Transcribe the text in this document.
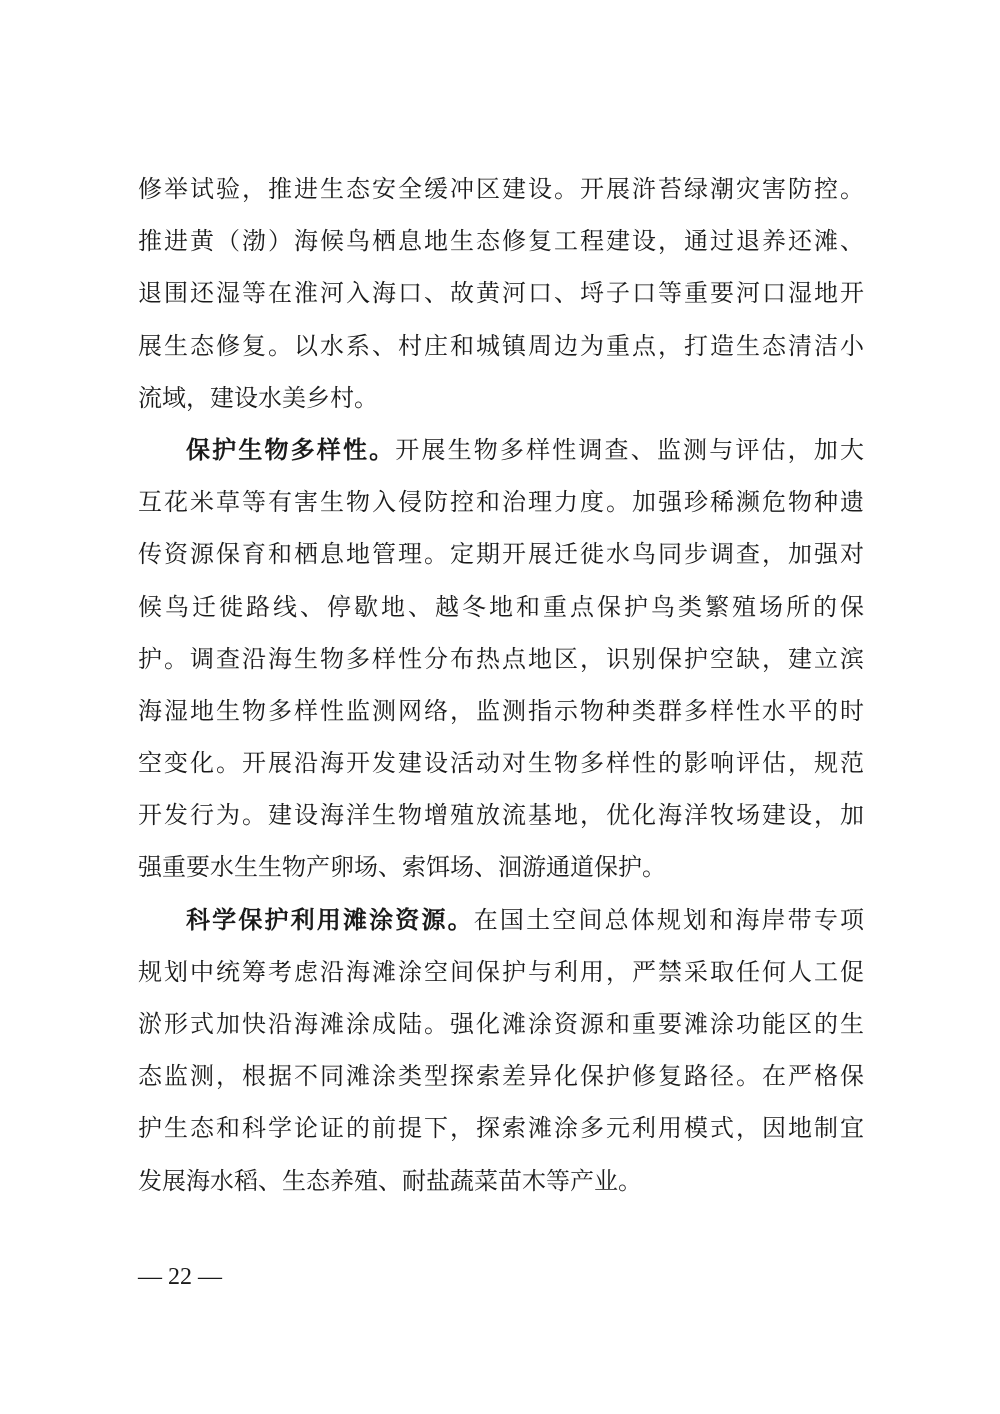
修举试验，推进生态安全缓冲区建设。开展浒苔绿潮灾害防控。
推进黄（渤）海候鸟栖息地生态修复工程建设，通过退养还滩、
退围还湿等在淮河入海口、故黄河口、埒子口等重要河口湿地开
展生态修复。以水系、村庄和城镇周边为重点，打造生态清洁小
流域，建设水美乡村。
保护生物多样性。开展生物多样性调查、监测与评估，加大
互花米草等有害生物入侵防控和治理力度。加强珍稀濒危物种遗
传资源保育和栖息地管理。定期开展迁徙水鸟同步调查，加强对
候鸟迁徙路线、停歇地、越冬地和重点保护鸟类繁殖场所的保
护。调查沿海生物多样性分布热点地区，识别保护空缺，建立滨
海湿地生物多样性监测网络，监测指示物种类群多样性水平的时
空变化。开展沿海开发建设活动对生物多样性的影响评估，规范
开发行为。建设海洋生物增殖放流基地，优化海洋牧场建设，加
强重要水生生物产卵场、索饵场、洄游通道保护。
科学保护利用滩涂资源。在国土空间总体规划和海岸带专项
规划中统筹考虑沿海滩涂空间保护与利用，严禁采取任何人工促
淤形式加快沿海滩涂成陆。强化滩涂资源和重要滩涂功能区的生
态监测，根据不同滩涂类型探索差异化保护修复路径。在严格保
护生态和科学论证的前提下，探索滩涂多元利用模式，因地制宜
发展海水稻、生态养殖、耐盐蔬菜苗木等产业。
— 22 —
